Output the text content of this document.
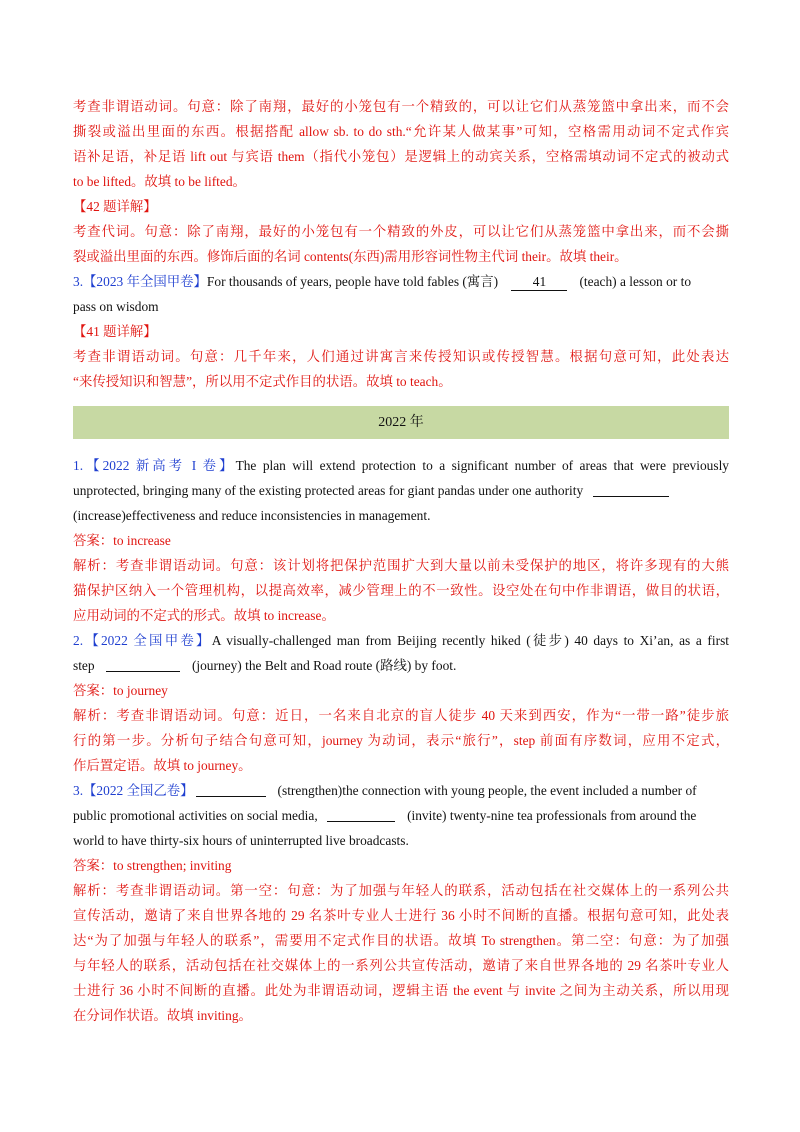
考查非谓语动词。句意：除了南翔，最好的小笼包有一个精致的，可以让它们从蒸笼篮中拿出来，而不会
撕裂或溢出里面的东西。根据搭配 allow sb. to do sth.“允许某人做某事”可知，空格需用动词不定式作宾
语补足语，补足语 lift out 与宾语 them（指代小笼包）是逻辑上的动宾关系，空格需填动词不定式的被动式
to be lifted。故填 to be lifted。
【42 题详解】
考查代词。句意：除了南翔，最好的小笼包有一个精致的外皮，可以让它们从蒸笼篮中拿出来，而不会撕
裂或溢出里面的东西。修饰后面的名词 contents(东西)需用形容词性物主代词 their。故填 their。
3.【2023 年全国甲卷】For thousands of years, people have told fables (寓言)	41 (teach) a lesson or to
pass on wisdom
【41 题详解】
考查非谓语动词。句意：几千年来，人们通过讲寓言来传授知识或传授智慧。根据句意可知，此处表达
“来传授知识和智慧”，所以用不定式作目的状语。故填 to teach。
2022 年
1.【2022 新高考 I 卷】The plan will extend protection to a significant number of areas that were previously
unprotected, bringing many of the existing protected areas for giant pandas under one authority
(increase)effectiveness and reduce inconsistencies in management.
答案：to increase
解析：考查非谓语动词。句意：该计划将把保护范围扩大到大量以前未受保护的地区，将许多现有的大熊
猫保护区纳入一个管理机构，以提高效率，减少管理上的不一致性。设空处在句中作非谓语，做目的状语，
应用动词的不定式的形式。故填 to increase。
2.【2022 全国甲卷】A visually-challenged man from Beijing recently hiked (徒步) 40 days to Xi’an, as a first
step	(journey) the Belt and Road route (路线) by foot.
答案：to journey
解析：考查非谓语动词。句意：近日，一名来自北京的盲人徒步 40 天来到西安，作为“一带一路”徒步旅
行的第一步。分析句子结合句意可知，journey 为动词，表示“旅行”，step 前面有序数词，应用不定式，
作后置定语。故填 to journey。
3.【2022 全国乙卷】	(strengthen)the connection with young people, the event included a number of
public promotional activities on social media,	(invite) twenty-nine tea professionals from around the
world to have thirty-six hours of uninterrupted live broadcasts.
答案：to strengthen; inviting
解析：考查非谓语动词。第一空：句意：为了加强与年轻人的联系，活动包括在社交媒体上的一系列公共
宣传活动，邀请了来自世界各地的 29 名茶叶专业人士进行 36 小时不间断的直播。根据句意可知，此处表
达“为了加强与年轻人的联系”，需要用不定式作目的状语。故填 To strengthen。第二空：句意：为了加强
与年轻人的联系，活动包括在社交媒体上的一系列公共宣传活动，邀请了来自世界各地的 29 名茶叶专业人
士进行 36 小时不间断的直播。此处为非谓语动词，逻辑主语 the event 与 invite 之间为主动关系，所以用现
在分词作状语。故填 inviting。
